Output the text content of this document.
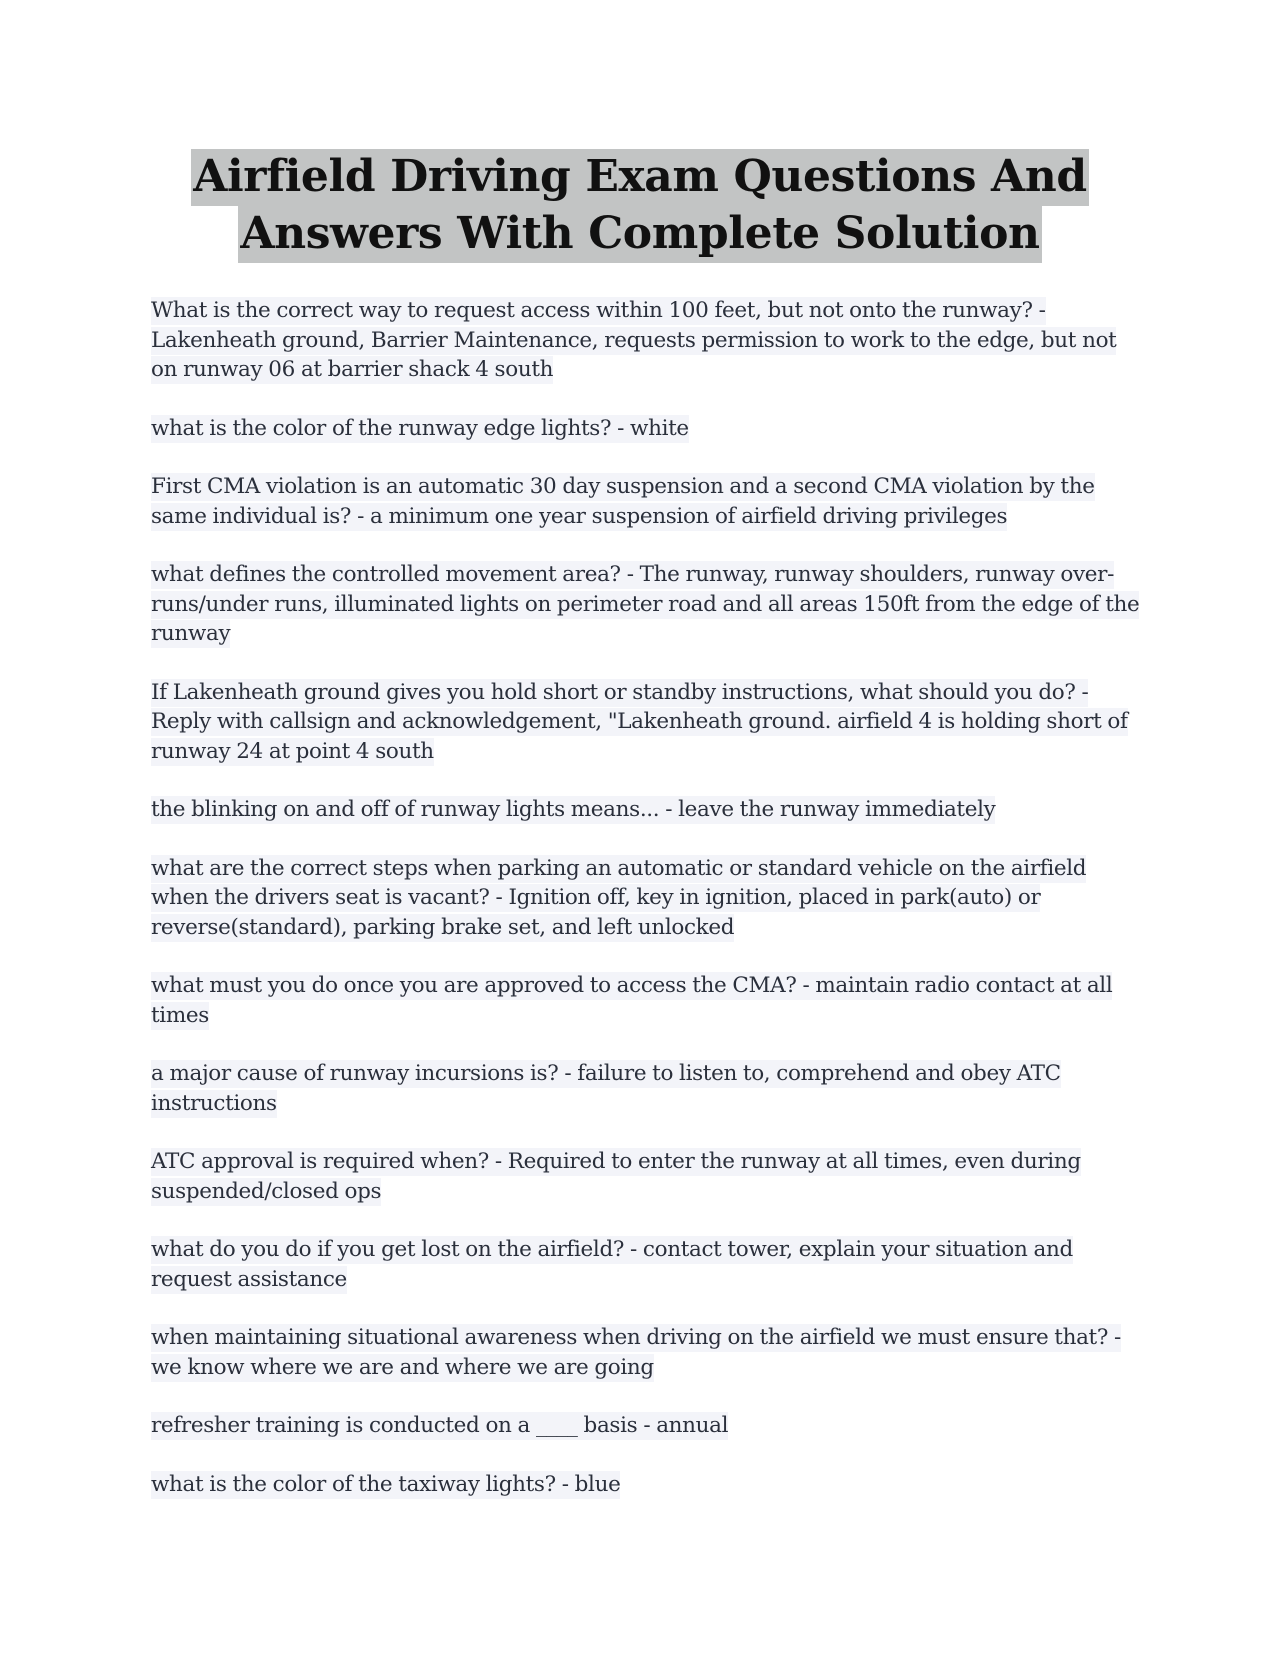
Airfield Driving Exam Questions And
Answers With Complete Solution

What is the correct way to request access within 100 feet, but not onto the runway? - Lakenheath ground, Barrier Maintenance, requests permission to work to the edge, but not on runway 06 at barrier shack 4 south

what is the color of the runway edge lights? - white

First CMA violation is an automatic 30 day suspension and a second CMA violation by the same individual is? - a minimum one year suspension of airfield driving privileges

what defines the controlled movement area? - The runway, runway shoulders, runway over-runs/under runs, illuminated lights on perimeter road and all areas 150ft from the edge of the runway

If Lakenheath ground gives you hold short or standby instructions, what should you do? - Reply with callsign and acknowledgement, "Lakenheath ground. airfield 4 is holding short of runway 24 at point 4 south

the blinking on and off of runway lights means... - leave the runway immediately

what are the correct steps when parking an automatic or standard vehicle on the airfield when the drivers seat is vacant? - Ignition off, key in ignition, placed in park(auto) or reverse(standard), parking brake set, and left unlocked

what must you do once you are approved to access the CMA? - maintain radio contact at all times

a major cause of runway incursions is? - failure to listen to, comprehend and obey ATC instructions

ATC approval is required when? - Required to enter the runway at all times, even during suspended/closed ops

what do you do if you get lost on the airfield? - contact tower, explain your situation and request assistance

when maintaining situational awareness when driving on the airfield we must ensure that? - we know where we are and where we are going

refresher training is conducted on a ____ basis - annual

what is the color of the taxiway lights? - blue
